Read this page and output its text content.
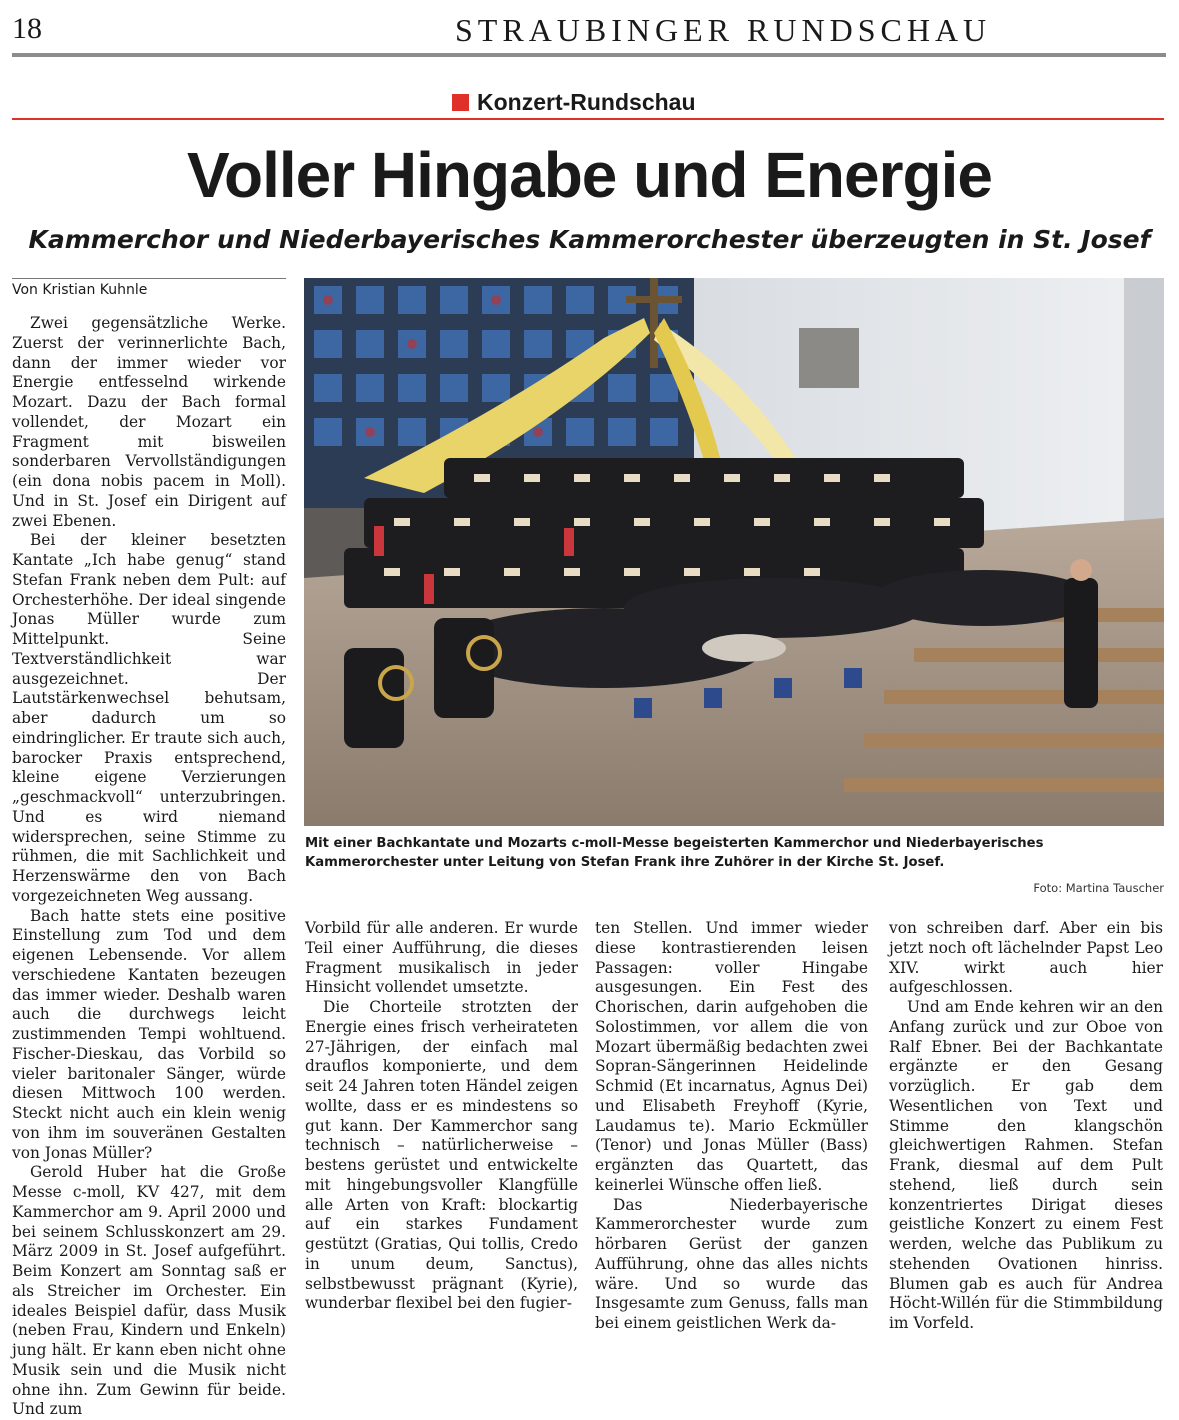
18	STRAUBINGER RUNDSCHAU
Konzert-Rundschau
Voller Hingabe und Energie
Kammerchor und Niederbayerisches Kammerorchester überzeugten in St. Josef
Von Kristian Kuhnle

Zwei gegensätzliche Werke. Zuerst der verinnerlichte Bach, dann der immer wieder vor Energie entfesselnd wirkende Mozart. Dazu der Bach formal vollendet, der Mozart ein Fragment mit bisweilen sonderbaren Vervollständigungen (ein dona nobis pacem in Moll). Und in St. Josef ein Dirigent auf zwei Ebenen.

Bei der kleiner besetzten Kantate „Ich habe genug“ stand Stefan Frank neben dem Pult: auf Orchesterhöhe. Der ideal singende Jonas Müller wurde zum Mittelpunkt. Seine Textverständlichkeit war ausgezeichnet. Der Lautstärkenwechsel behutsam, aber dadurch um so eindringlicher. Er traute sich auch, barocker Praxis entsprechend, kleine eigene Verzierungen „geschmackvoll“ unterzubringen. Und es wird niemand widersprechen, seine Stimme zu rühmen, die mit Sachlichkeit und Herzenswärme den von Bach vorgezeichneten Weg aussang.

Bach hatte stets eine positive Einstellung zum Tod und dem eigenen Lebensende. Vor allem verschiedene Kantaten bezeugen das immer wieder. Deshalb waren auch die durchwegs leicht zustimmenden Tempi wohltuend. Fischer-Dieskau, das Vorbild so vieler baritonaler Sänger, würde diesen Mittwoch 100 werden. Steckt nicht auch ein klein wenig von ihm im souveränen Gestalten von Jonas Müller?

Gerold Huber hat die Große Messe c-moll, KV 427, mit dem Kammerchor am 9. April 2000 und bei seinem Schlusskonzert am 29. März 2009 in St. Josef aufgeführt. Beim Konzert am Sonntag saß er als Streicher im Orchester. Ein ideales Beispiel dafür, dass Musik (neben Frau, Kindern und Enkeln) jung hält. Er kann eben nicht ohne Musik sein und die Musik nicht ohne ihn. Zum Gewinn für beide. Und zum

Mit einer Bachkantate und Mozarts c-moll-Messe begeisterten Kammerchor und Niederbayerisches Kammerorchester unter Leitung von Stefan Frank ihre Zuhörer in der Kirche St. Josef.
Foto: Martina Tauscher

Vorbild für alle anderen. Er wurde Teil einer Aufführung, die dieses Fragment musikalisch in jeder Hinsicht vollendet umsetzte.

Die Chorteile strotzten der Energie eines frisch verheirateten 27-Jährigen, der einfach mal drauflos komponierte, und dem seit 24 Jahren toten Händel zeigen wollte, dass er es mindestens so gut kann. Der Kammerchor sang technisch – natürlicherweise – bestens gerüstet und entwickelte mit hingebungsvoller Klangfülle alle Arten von Kraft: blockartig auf ein starkes Fundament gestützt (Gratias, Qui tollis, Credo in unum deum, Sanctus), selbstbewusst prägnant (Kyrie), wunderbar flexibel bei den fugier-

ten Stellen. Und immer wieder diese kontrastierenden leisen Passagen: voller Hingabe ausgesungen. Ein Fest des Chorischen, darin aufgehoben die Solostimmen, vor allem die von Mozart übermäßig bedachten zwei Sopran-Sängerinnen Heidelinde Schmid (Et incarnatus, Agnus Dei) und Elisabeth Freyhoff (Kyrie, Laudamus te). Mario Eckmüller (Tenor) und Jonas Müller (Bass) ergänzten das Quartett, das keinerlei Wünsche offen ließ.

Das Niederbayerische Kammerorchester wurde zum hörbaren Gerüst der ganzen Aufführung, ohne das alles nichts wäre. Und so wurde das Insgesamte zum Genuss, falls man bei einem geistlichen Werk da-

von schreiben darf. Aber ein bis jetzt noch oft lächelnder Papst Leo XIV. wirkt auch hier aufgeschlossen.

Und am Ende kehren wir an den Anfang zurück und zur Oboe von Ralf Ebner. Bei der Bachkantate ergänzte er den Gesang vorzüglich. Er gab dem Wesentlichen von Text und Stimme den klangschön gleichwertigen Rahmen. Stefan Frank, diesmal auf dem Pult stehend, ließ durch sein konzentriertes Dirigat dieses geistliche Konzert zu einem Fest werden, welche das Publikum zu stehenden Ovationen hinriss. Blumen gab es auch für Andrea Höcht-Willén für die Stimmbildung im Vorfeld.
